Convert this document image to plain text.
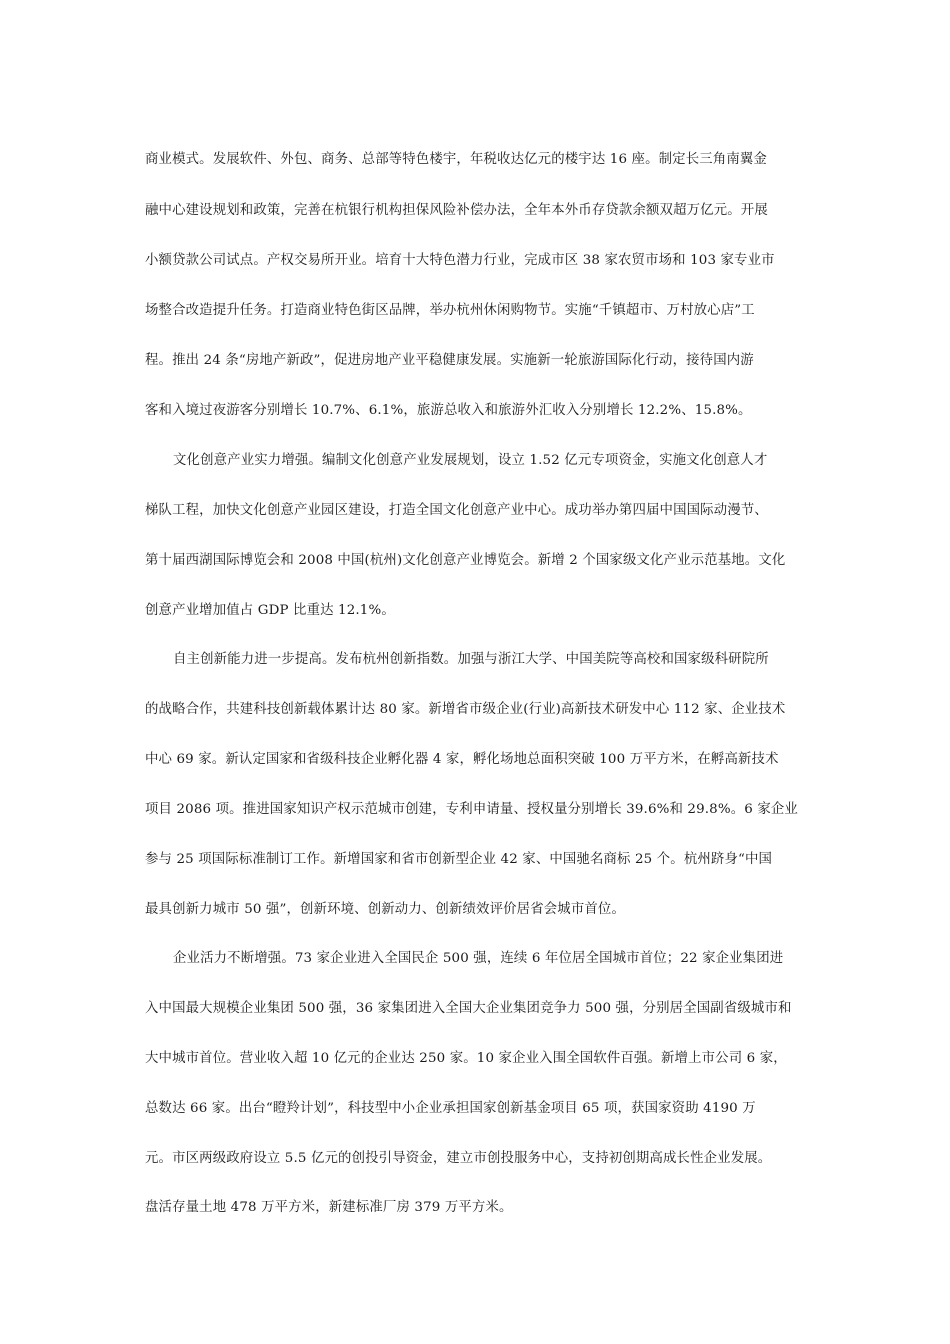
商业模式。发展软件、外包、商务、总部等特色楼宇，年税收达亿元的楼宇达 16 座。制定长三角南翼金
融中心建设规划和政策，完善在杭银行机构担保风险补偿办法，全年本外币存贷款余额双超万亿元。开展
小额贷款公司试点。产权交易所开业。培育十大特色潜力行业，完成市区 38 家农贸市场和 103 家专业市
场整合改造提升任务。打造商业特色街区品牌，举办杭州休闲购物节。实施“千镇超市、万村放心店”工
程。推出 24 条“房地产新政”，促进房地产业平稳健康发展。实施新一轮旅游国际化行动，接待国内游
客和入境过夜游客分别增长 10.7%、6.1%，旅游总收入和旅游外汇收入分别增长 12.2%、15.8%。
文化创意产业实力增强。编制文化创意产业发展规划，设立 1.52 亿元专项资金，实施文化创意人才
梯队工程，加快文化创意产业园区建设，打造全国文化创意产业中心。成功举办第四届中国国际动漫节、
第十届西湖国际博览会和 2008 中国(杭州)文化创意产业博览会。新增 2 个国家级文化产业示范基地。文化
创意产业增加值占 GDP 比重达 12.1%。
自主创新能力进一步提高。发布杭州创新指数。加强与浙江大学、中国美院等高校和国家级科研院所
的战略合作，共建科技创新载体累计达 80 家。新增省市级企业(行业)高新技术研发中心 112 家、企业技术
中心 69 家。新认定国家和省级科技企业孵化器 4 家，孵化场地总面积突破 100 万平方米，在孵高新技术
项目 2086 项。推进国家知识产权示范城市创建，专利申请量、授权量分别增长 39.6%和 29.8%。6 家企业
参与 25 项国际标准制订工作。新增国家和省市创新型企业 42 家、中国驰名商标 25 个。杭州跻身“中国
最具创新力城市 50 强”，创新环境、创新动力、创新绩效评价居省会城市首位。
企业活力不断增强。73 家企业进入全国民企 500 强，连续 6 年位居全国城市首位；22 家企业集团进
入中国最大规模企业集团 500 强，36 家集团进入全国大企业集团竞争力 500 强，分别居全国副省级城市和
大中城市首位。营业收入超 10 亿元的企业达 250 家。10 家企业入围全国软件百强。新增上市公司 6 家，
总数达 66 家。出台“瞪羚计划”，科技型中小企业承担国家创新基金项目 65 项，获国家资助 4190 万
元。市区两级政府设立 5.5 亿元的创投引导资金，建立市创投服务中心，支持初创期高成长性企业发展。
盘活存量土地 478 万平方米，新建标准厂房 379 万平方米。
